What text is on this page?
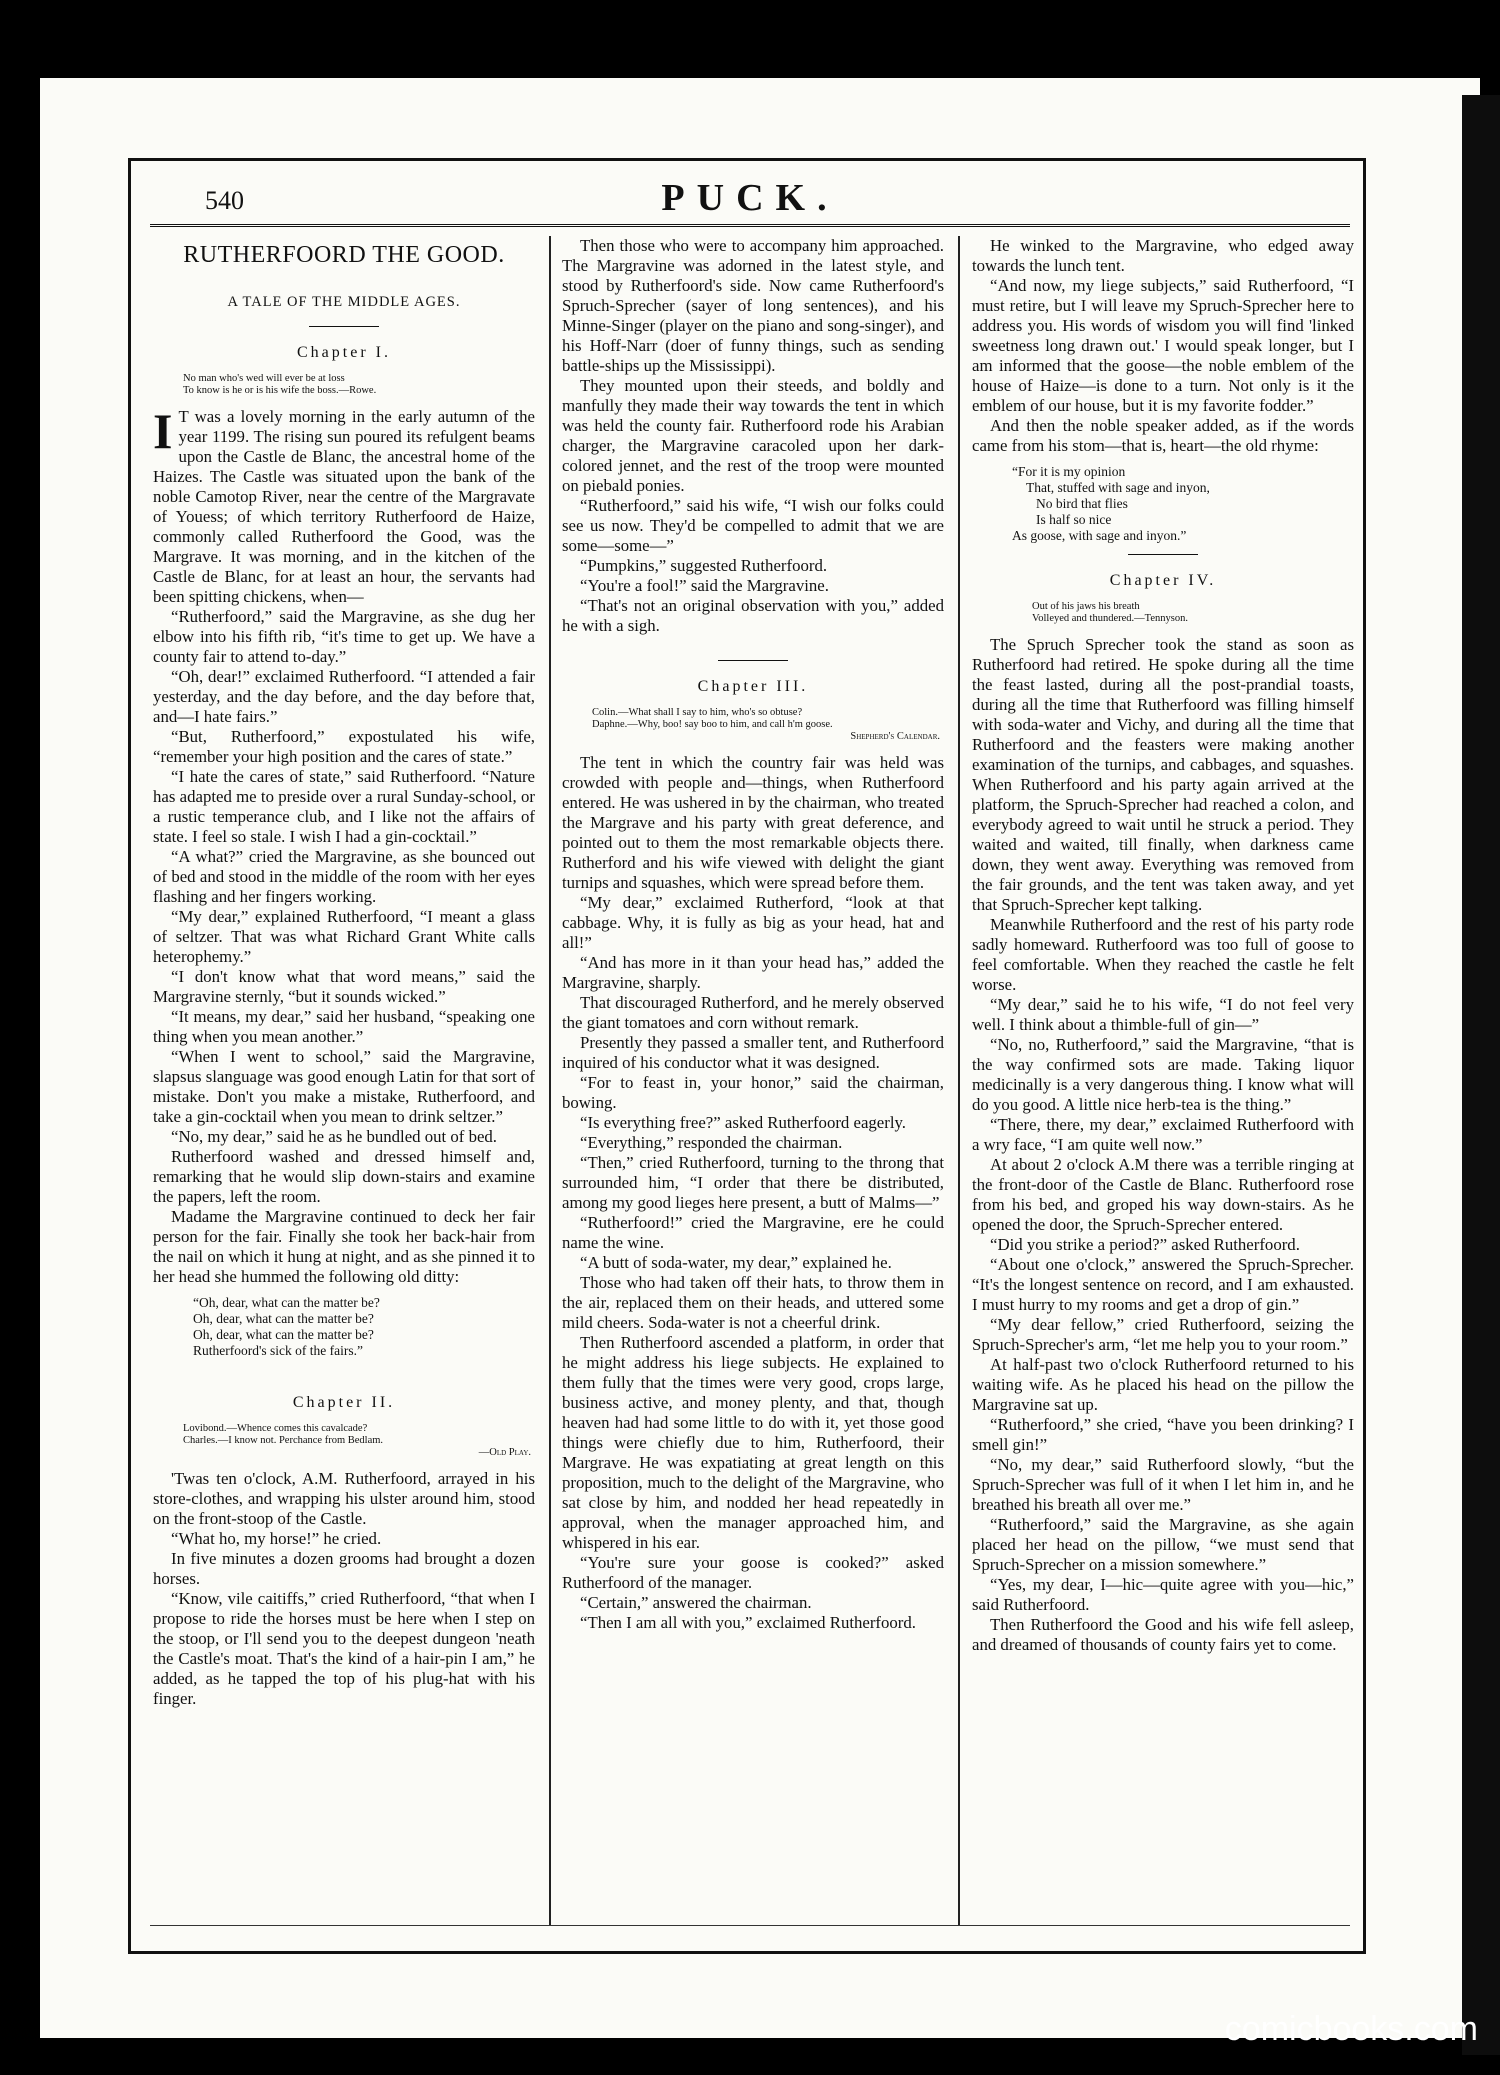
540	PUCK.
RUTHERFOORD THE GOOD.
A TALE OF THE MIDDLE AGES.
Chapter I.
No man who's wed will ever be at loss
To know is he or is his wife the boss.—Rowe.

I T was a lovely morning in the early autumn of the year 1199. The rising sun poured its refulgent beams upon the Castle de Blanc, the ancestral home of the Haizes. The Castle was situated upon the bank of the noble Camotop River, near the centre of the Margravate of Youess; of which territory Rutherfoord de Haize, commonly called Rutherfoord the Good, was the Margrave. It was morning, and in the kitchen of the Castle de Blanc, for at least an hour, the servants had been spitting chickens, when—

“Rutherfoord,” said the Margravine, as she dug her elbow into his fifth rib, “it's time to get up. We have a county fair to attend to-day.”

“Oh, dear!” exclaimed Rutherfoord. “I attended a fair yesterday, and the day before, and the day before that, and—I hate fairs.”

“But, Rutherfoord,” expostulated his wife, “remember your high position and the cares of state.”

“I hate the cares of state,” said Rutherfoord. “Nature has adapted me to preside over a rural Sunday-school, or a rustic temperance club, and I like not the affairs of state. I feel so stale. I wish I had a gin-cocktail.”

“A what?” cried the Margravine, as she bounced out of bed and stood in the middle of the room with her eyes flashing and her fingers working.

“My dear,” explained Rutherfoord, “I meant a glass of seltzer. That was what Richard Grant White calls heterophemy.”

“I don't know what that word means,” said the Margravine sternly, “but it sounds wicked.”

“It means, my dear,” said her husband, “speaking one thing when you mean another.”

“When I went to school,” said the Margravine, slapsus slanguage was good enough Latin for that sort of mistake. Don't you make a mistake, Rutherfoord, and take a gin-cocktail when you mean to drink seltzer.”

“No, my dear,” said he as he bundled out of bed.

Rutherfoord washed and dressed himself and, remarking that he would slip down-stairs and examine the papers, left the room.

Madame the Margravine continued to deck her fair person for the fair. Finally she took her back-hair from the nail on which it hung at night, and as she pinned it to her head she hummed the following old ditty:

“Oh, dear, what can the matter be?
Oh, dear, what can the matter be?
Oh, dear, what can the matter be?
Rutherfoord's sick of the fairs.”
Chapter II.
Lovibond.—Whence comes this cavalcade?
Charles.—I know not. Perchance from Bedlam.
—Old Play.

'Twas ten o'clock, A.M. Rutherfoord, arrayed in his store-clothes, and wrapping his ulster around him, stood on the front-stoop of the Castle.

“What ho, my horse!” he cried.

In five minutes a dozen grooms had brought a dozen horses.

“Know, vile caitiffs,” cried Rutherfoord, “that when I propose to ride the horses must be here when I step on the stoop, or I'll send you to the deepest dungeon 'neath the Castle's moat. That's the kind of a hair-pin I am,” he added, as he tapped the top of his plug-hat with his finger.

Then those who were to accompany him approached. The Margravine was adorned in the latest style, and stood by Rutherfoord's side. Now came Rutherfoord's Spruch-Sprecher (sayer of long sentences), and his Minne-Singer (player on the piano and song-singer), and his Hoff-Narr (doer of funny things, such as sending battle-ships up the Mississippi).

They mounted upon their steeds, and boldly and manfully they made their way towards the tent in which was held the county fair. Rutherfoord rode his Arabian charger, the Margravine caracoled upon her dark-colored jennet, and the rest of the troop were mounted on piebald ponies.

“Rutherfoord,” said his wife, “I wish our folks could see us now. They'd be compelled to admit that we are some—some—”

“Pumpkins,” suggested Rutherfoord.

“You're a fool!” said the Margravine.

“That's not an original observation with you,” added he with a sigh.

Chapter III.
Colin.—What shall I say to him, who's so obtuse?
Daphne.—Why, boo! say boo to him, and call h'm goose.
Shepherd's Calendar.

The tent in which the country fair was held was crowded with people and—things, when Rutherfoord entered. He was ushered in by the chairman, who treated the Margrave and his party with great deference, and pointed out to them the most remarkable objects there. Rutherford and his wife viewed with delight the giant turnips and squashes, which were spread before them.

“My dear,” exclaimed Rutherford, “look at that cabbage. Why, it is fully as big as your head, hat and all!”

“And has more in it than your head has,” added the Margravine, sharply.

That discouraged Rutherford, and he merely observed the giant tomatoes and corn without remark.

Presently they passed a smaller tent, and Rutherfoord inquired of his conductor what it was designed.

“For to feast in, your honor,” said the chairman, bowing.

“Is everything free?” asked Rutherfoord eagerly.

“Everything,” responded the chairman.

“Then,” cried Rutherfoord, turning to the throng that surrounded him, “I order that there be distributed, among my good lieges here present, a butt of Malms—”

“Rutherfoord!” cried the Margravine, ere he could name the wine.

“A butt of soda-water, my dear,” explained he.

Those who had taken off their hats, to throw them in the air, replaced them on their heads, and uttered some mild cheers. Soda-water is not a cheerful drink.

Then Rutherfoord ascended a platform, in order that he might address his liege subjects. He explained to them fully that the times were very good, crops large, business active, and money plenty, and that, though heaven had had some little to do with it, yet those good things were chiefly due to him, Rutherfoord, their Margrave. He was expatiating at great length on this proposition, much to the delight of the Margravine, who sat close by him, and nodded her head repeatedly in approval, when the manager approached him, and whispered in his ear.

“You're sure your goose is cooked?” asked Rutherfoord of the manager.

“Certain,” answered the chairman.

“Then I am all with you,” exclaimed Rutherfoord.

He winked to the Margravine, who edged away towards the lunch tent.

“And now, my liege subjects,” said Rutherfoord, “I must retire, but I will leave my Spruch-Sprecher here to address you. His words of wisdom you will find 'linked sweetness long drawn out.' I would speak longer, but I am informed that the goose—the noble emblem of the house of Haize—is done to a turn. Not only is it the emblem of our house, but it is my favorite fodder.”

And then the noble speaker added, as if the words came from his stom—that is, heart—the old rhyme:

“For it is my opinion
That, stuffed with sage and inyon,
No bird that flies
Is half so nice
As goose, with sage and inyon.”
Chapter IV.
Out of his jaws his breath
Volleyed and thundered.—Tennyson.

The Spruch Sprecher took the stand as soon as Rutherfoord had retired. He spoke during all the time the feast lasted, during all the post-prandial toasts, during all the time that Rutherfoord was filling himself with soda-water and Vichy, and during all the time that Rutherfoord and the feasters were making another examination of the turnips, and cabbages, and squashes. When Rutherfoord and his party again arrived at the platform, the Spruch-Sprecher had reached a colon, and everybody agreed to wait until he struck a period. They waited and waited, till finally, when darkness came down, they went away. Everything was removed from the fair grounds, and the tent was taken away, and yet that Spruch-Sprecher kept talking.

Meanwhile Rutherfoord and the rest of his party rode sadly homeward. Rutherfoord was too full of goose to feel comfortable. When they reached the castle he felt worse.

“My dear,” said he to his wife, “I do not feel very well. I think about a thimble-full of gin—”

“No, no, Rutherfoord,” said the Margravine, “that is the way confirmed sots are made. Taking liquor medicinally is a very dangerous thing. I know what will do you good. A little nice herb-tea is the thing.”

“There, there, my dear,” exclaimed Rutherfoord with a wry face, “I am quite well now.”

At about 2 o'clock A.M there was a terrible ringing at the front-door of the Castle de Blanc. Rutherfoord rose from his bed, and groped his way down-stairs. As he opened the door, the Spruch-Sprecher entered.

“Did you strike a period?” asked Rutherfoord.

“About one o'clock,” answered the Spruch-Sprecher. “It's the longest sentence on record, and I am exhausted. I must hurry to my rooms and get a drop of gin.”

“My dear fellow,” cried Rutherfoord, seizing the Spruch-Sprecher's arm, “let me help you to your room.”

At half-past two o'clock Rutherfoord returned to his waiting wife. As he placed his head on the pillow the Margravine sat up.

“Rutherfoord,” she cried, “have you been drinking? I smell gin!”

“No, my dear,” said Rutherfoord slowly, “but the Spruch-Sprecher was full of it when I let him in, and he breathed his breath all over me.”

“Rutherfoord,” said the Margravine, as she again placed her head on the pillow, “we must send that Spruch-Sprecher on a mission somewhere.”

“Yes, my dear, I—hic—quite agree with you—hic,” said Rutherfoord.

Then Rutherfoord the Good and his wife fell asleep, and dreamed of thousands of county fairs yet to come.

comicbooks.com
